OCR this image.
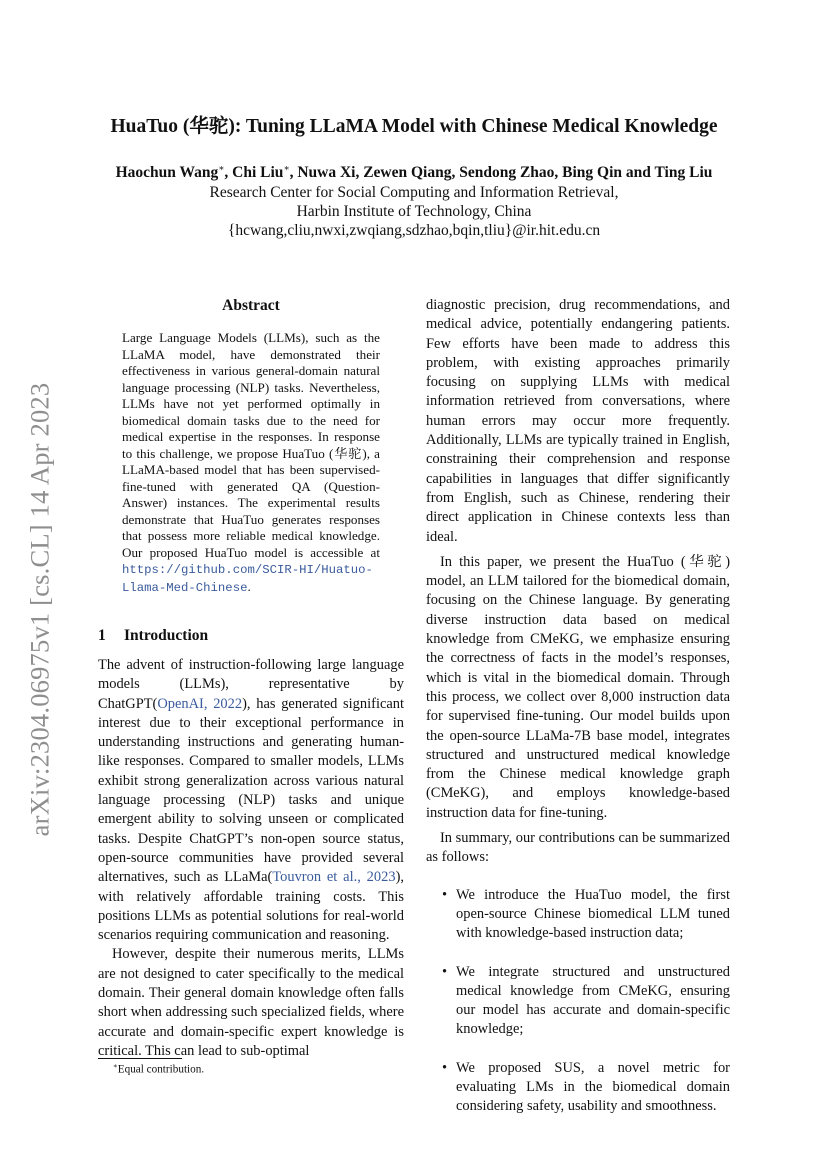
arXiv:2304.06975v1 [cs.CL] 14 Apr 2023
HuaTuo (华驼): Tuning LLaMA Model with Chinese Medical Knowledge
Haochun Wang∗, Chi Liu∗, Nuwa Xi, Zewen Qiang, Sendong Zhao, Bing Qin and Ting Liu
Research Center for Social Computing and Information Retrieval,
Harbin Institute of Technology, China
{hcwang,cliu,nwxi,zwqiang,sdzhao,bqin,tliu}@ir.hit.edu.cn
Abstract
Large Language Models (LLMs), such as the LLaMA model, have demonstrated their effectiveness in various general-domain natural language processing (NLP) tasks. Nevertheless, LLMs have not yet performed optimally in biomedical domain tasks due to the need for medical expertise in the responses. In response to this challenge, we propose HuaTuo (华驼), a LLaMA-based model that has been supervised-fine-tuned with generated QA (Question-Answer) instances. The experimental results demonstrate that HuaTuo generates responses that possess more reliable medical knowledge. Our proposed HuaTuo model is accessible at https://github.com/SCIR-HI/Huatuo-Llama-Med-Chinese.
1 Introduction

The advent of instruction-following large language models (LLMs), representative by ChatGPT(OpenAI, 2022), has generated significant interest due to their exceptional performance in understanding instructions and generating human-like responses. Compared to smaller models, LLMs exhibit strong generalization across various natural language processing (NLP) tasks and unique emergent ability to solving unseen or complicated tasks. Despite ChatGPT’s non-open source status, open-source communities have provided several alternatives, such as LLaMa(Touvron et al., 2023), with relatively affordable training costs. This positions LLMs as potential solutions for real-world scenarios requiring communication and reasoning.

However, despite their numerous merits, LLMs are not designed to cater specifically to the medical domain. Their general domain knowledge often falls short when addressing such specialized fields, where accurate and domain-specific expert knowledge is critical. This can lead to sub-optimal

∗Equal contribution.

diagnostic precision, drug recommendations, and medical advice, potentially endangering patients. Few efforts have been made to address this problem, with existing approaches primarily focusing on supplying LLMs with medical information retrieved from conversations, where human errors may occur more frequently. Additionally, LLMs are typically trained in English, constraining their comprehension and response capabilities in languages that differ significantly from English, such as Chinese, rendering their direct application in Chinese contexts less than ideal.

In this paper, we present the HuaTuo (华驼) model, an LLM tailored for the biomedical domain, focusing on the Chinese language. By generating diverse instruction data based on medical knowledge from CMeKG, we emphasize ensuring the correctness of facts in the model’s responses, which is vital in the biomedical domain. Through this process, we collect over 8,000 instruction data for supervised fine-tuning. Our model builds upon the open-source LLaMa-7B base model, integrates structured and unstructured medical knowledge from the Chinese medical knowledge graph (CMeKG), and employs knowledge-based instruction data for fine-tuning.

In summary, our contributions can be summarized as follows:

• We introduce the HuaTuo model, the first open-source Chinese biomedical LLM tuned with knowledge-based instruction data;
• We integrate structured and unstructured medical knowledge from CMeKG, ensuring our model has accurate and domain-specific knowledge;
• We proposed SUS, a novel metric for evaluating LMs in the biomedical domain considering safety, usability and smoothness.
